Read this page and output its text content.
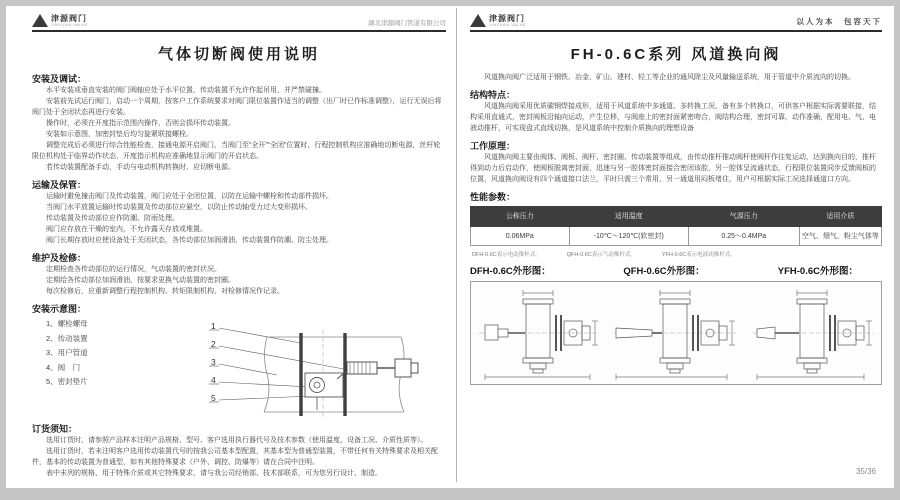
津源阀门
JINYUAN VALVE	湖北津源阀门管道有限公司
气体切断阀使用说明
安装及调试：

水平安装或垂直安装的阀门阀轴应处于水平位置，传动装置不允许作起吊用，并严禁碰撞。

安装前先试运行阀门，启动一个周期，按客户工作系统要求对阀门限位装置作适当的调整（出厂时已作标准调整），运行无误后将阀门处于全闭状态再进行安装。

操作时，必须在开度指示范围内操作，否则会损坏传动装置。

安装如示意图，加密封垫后均匀旋紧联接螺栓。

调整完成后必须进行综合性能检查，接通电源开启阀门，当阀门至“全开”“全闭”位置时，行程控制机构应准确地切断电源，丝杆轮限位机构处于临界动作状态，开度指示机构应准确地显示阀门的开启状态。

若传动装置配备手动，手动与电动机构转换时，应切断电源。

运输及保管：

运输时避免撞击阀门及传动装置，阀门应处于全闭位置，以防在运输中螺栓和传动部件损坏。

当阀门水平放置运输时传动装置及传动部位应悬空，以防止传动轴受力过大变形损坏。

传动装置及传动部位应作防潮、防雨处理。

阀门应存放在干燥的室内，不允许露天存放或堆置。

阀门长期存放时应使设备处于关闭状态，各传动部位加润滑油，传动装置作防潮、防尘处理。

维护及检修：

定期检查各传动部位的运行情况，气动装置的密封状况。

定期给各传动部位加润滑油，按要求更换气动装置的密封圈。

每次检修后，应重新调整行程控制机构、转矩限制机构，对检修情况作记录。

安装示意图：
1、螺栓螺母
2、传动装置
3、用户管道
4、阀　门
5、密封垫片
1
2
3
4
5
订货须知：

选用订货时，请参照产品样本注明产品规格、型号、客户选用执行器代号及技术参数（使用温度、设备工况、介质性质等）。

选用订货时，若未注明客户选用传动装置代号的按我公司基本型配置，其基本型为普通型装置，不带任何有关特殊要求及相关配件，基本的传动装置为普通型，如有其他特殊要求（户外、调控、防爆等）请在合同中注明。

表中未列的规格、用于特殊介质或其它特殊要求，请与我公司经销部、技术部联系，可为您另行设计、制造。

津源阀门
JINYUAN VALVE	以人为本　包容天下
FH-0.6C系列 风道换向阀

风道换向阀广泛适用于钢铁、冶金、矿山、建材、轻工等企业的通风除尘及风量输送系统，用于管道中介质流向的切换。

结构特点：

风道换向阀采用优质碳钢焊接成形，适用于风道系统中多通道、多转换工况，备有多个转换口，可供客户根据实际需要联接，结构采用直通式，密封阀板沿轴向运动，产生位移，与阀座上的密封面紧密吻合，阀结构合理，密封可靠，动作准确，配用电、气、电液动推杆，可实现盘式直线切换，是风道系统中控制介质换向的理想设备

工作原理：

风道换向阀主要由阀体、阀板、阀杆、密封圈、传动装置等组成，由传动推杆推动阀杆使阀杆作往复运动，达到换向目的，推杆得到动力后启动作，使阀板脱离密封面，迅速与另一腔体密封面接合密闭该腔，另一腔体呈流通状态，行程限位装置同步反馈阀板的位置，风道换向阀设有四个通道接口法兰，平时只需三个常用，另一通道用闷板堵住，用户可根据实际工况选择通道口方向。

性能参数：
公称压力	适用温度	气源压力	适用介质
0.06MPa	-10℃～120℃(软密封)	0.25～0.4MPa	空气、烟气、粉尘气体等
DFH-0.6C表示电动推杆式。	QFH-0.6C表示气动推杆式。	YFH-0.6C表示电液动推杆式。
DFH-0.6C外形图：	QFH-0.6C外形图：	YFH-0.6C外形图：
35/36
